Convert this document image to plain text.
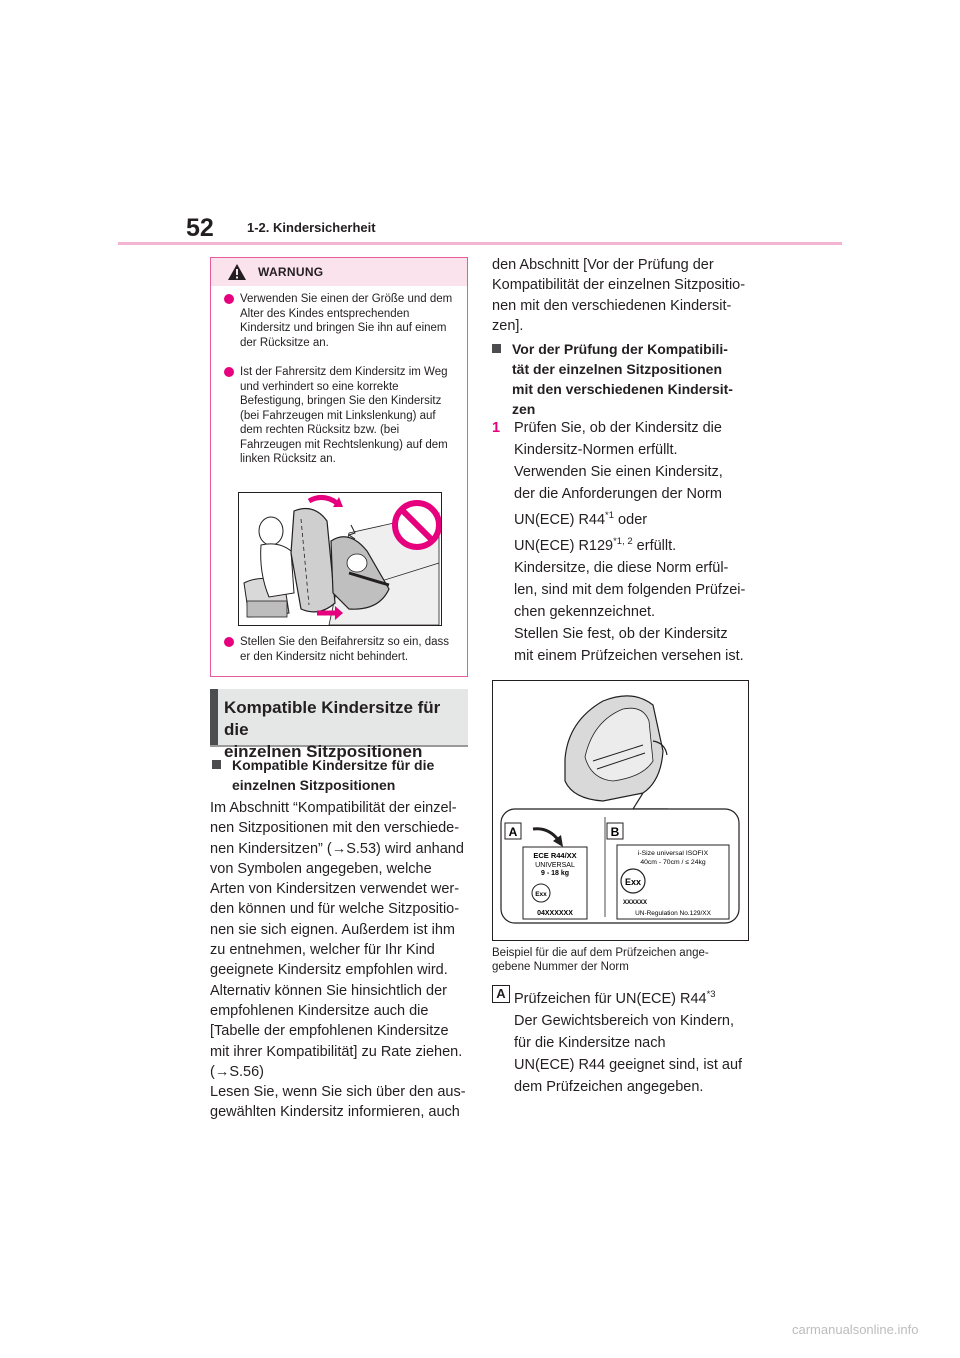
52	1-2. Kindersicherheit
WARNUNG
Verwenden Sie einen der Größe und dem Alter des Kindes entsprechenden Kindersitz und bringen Sie ihn auf einem der Rücksitze an.
Ist der Fahrersitz dem Kindersitz im Weg und verhindert so eine korrekte Befestigung, bringen Sie den Kindersitz (bei Fahrzeugen mit Linkslenkung) auf dem rechten Rücksitz bzw. (bei Fahrzeugen mit Rechtslenkung) auf dem linken Rücksitz an.
Stellen Sie den Beifahrersitz so ein, dass er den Kindersitz nicht behindert.
Kompatible Kindersitze für die
einzelnen Sitzpositionen
Kompatible Kindersitze für die
einzelnen Sitzpositionen

Im Abschnitt “Kompatibilität der einzel-

nen Sitzpositionen mit den verschiede-

nen Kindersitzen” (→S.53) wird anhand

von Symbolen angegeben, welche

Arten von Kindersitzen verwendet wer-

den können und für welche Sitzpositio-

nen sie sich eignen. Außerdem ist ihm

zu entnehmen, welcher für Ihr Kind

geeignete Kindersitz empfohlen wird.

Alternativ können Sie hinsichtlich der

empfohlenen Kindersitze auch die

[Tabelle der empfohlenen Kindersitze

mit ihrer Kompatibilität] zu Rate ziehen.

(→S.56)

Lesen Sie, wenn Sie sich über den aus-

gewählten Kindersitz informieren, auch

den Abschnitt [Vor der Prüfung der

Kompatibilität der einzelnen Sitzpositio-

nen mit den verschiedenen Kindersit-

zen].

Vor der Prüfung der Kompatibili-
tät der einzelnen Sitzpositionen
mit den verschiedenen Kindersit-
zen
1 Prüfen Sie, ob der Kindersitz die
Kindersitz-Normen erfüllt.
Verwenden Sie einen Kindersitz,
der die Anforderungen der Norm
UN(ECE) R44$^{*1}$ oder
UN(ECE) R129$^{*1, 2}$ erfüllt.
Kindersitze, die diese Norm erfül-
len, sind mit dem folgenden Prüfzei-
chen gekennzeichnet.
Stellen Sie fest, ob der Kindersitz
mit einem Prüfzeichen versehen ist.
A	B
ECE R44/XX
UNIVERSAL
9 - 18 kg
Exx
04XXXXXX
i-Size universal ISOFIX
40cm - 70cm / ≤ 24kg
Exx
XXXXXX
UN-Regulation No.129/XX
Beispiel für die auf dem Prüfzeichen ange-
gebene Nummer der Norm
A Prüfzeichen für UN(ECE) R44$^{*3}$
Der Gewichtsbereich von Kindern,
für die Kindersitze nach
UN(ECE) R44 geeignet sind, ist auf
dem Prüfzeichen angegeben.
carmanualsonline.info
